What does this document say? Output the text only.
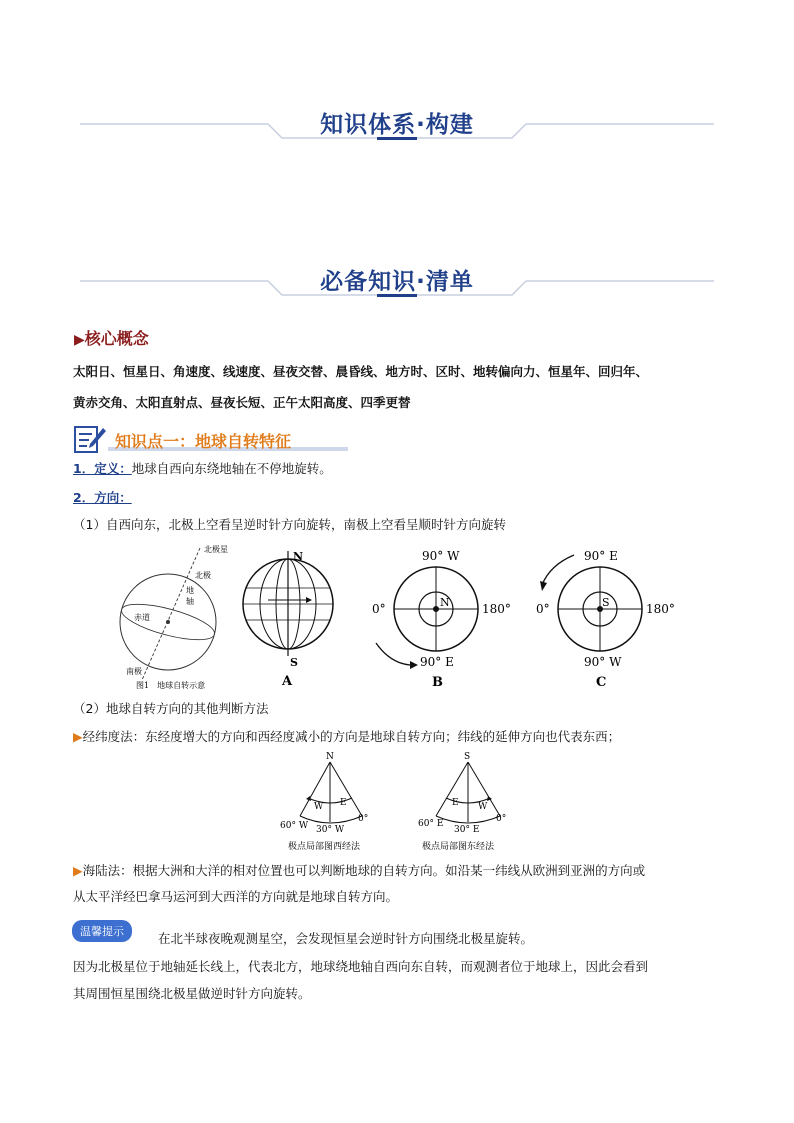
知识体系·构建
必备知识·清单
▶核心概念
太阳日、恒星日、角速度、线速度、昼夜交替、晨昏线、地方时、区时、地转偏向力、恒星年、回归年、
黄赤交角、太阳直射点、昼夜长短、正午太阳高度、四季更替
知识点一：地球自转特征
1．定义：地球自西向东绕地轴在不停地旋转。
2．方向：
（1）自西向东，北极上空看呈逆时针方向旋转，南极上空看呈顺时针方向旋转
北极星
北极
地
轴
赤道
南极
图1　地球自转示意
N
S
A
90° W
0°	180°
90° E
N
B
90° E
0°	180°
90° W
S
C
（2）地球自转方向的其他判断方法
▶经纬度法：东经度增大的方向和西经度减小的方向是地球自转方向；纬线的延伸方向也代表东西；
N
W E
60° W 30° W
0°
极点局部图西经法
S
E W
60° E
30° E
0°
极点局部图东经法
▶海陆法：根据大洲和大洋的相对位置也可以判断地球的自转方向。如沿某一纬线从欧洲到亚洲的方向或
从太平洋经巴拿马运河到大西洋的方向就是地球自转方向。
温馨提示	在北半球夜晚观测星空，会发现恒星会逆时针方向围绕北极星旋转。
因为北极星位于地轴延长线上，代表北方，地球绕地轴自西向东自转，而观测者位于地球上，因此会看到
其周围恒星围绕北极星做逆时针方向旋转。
